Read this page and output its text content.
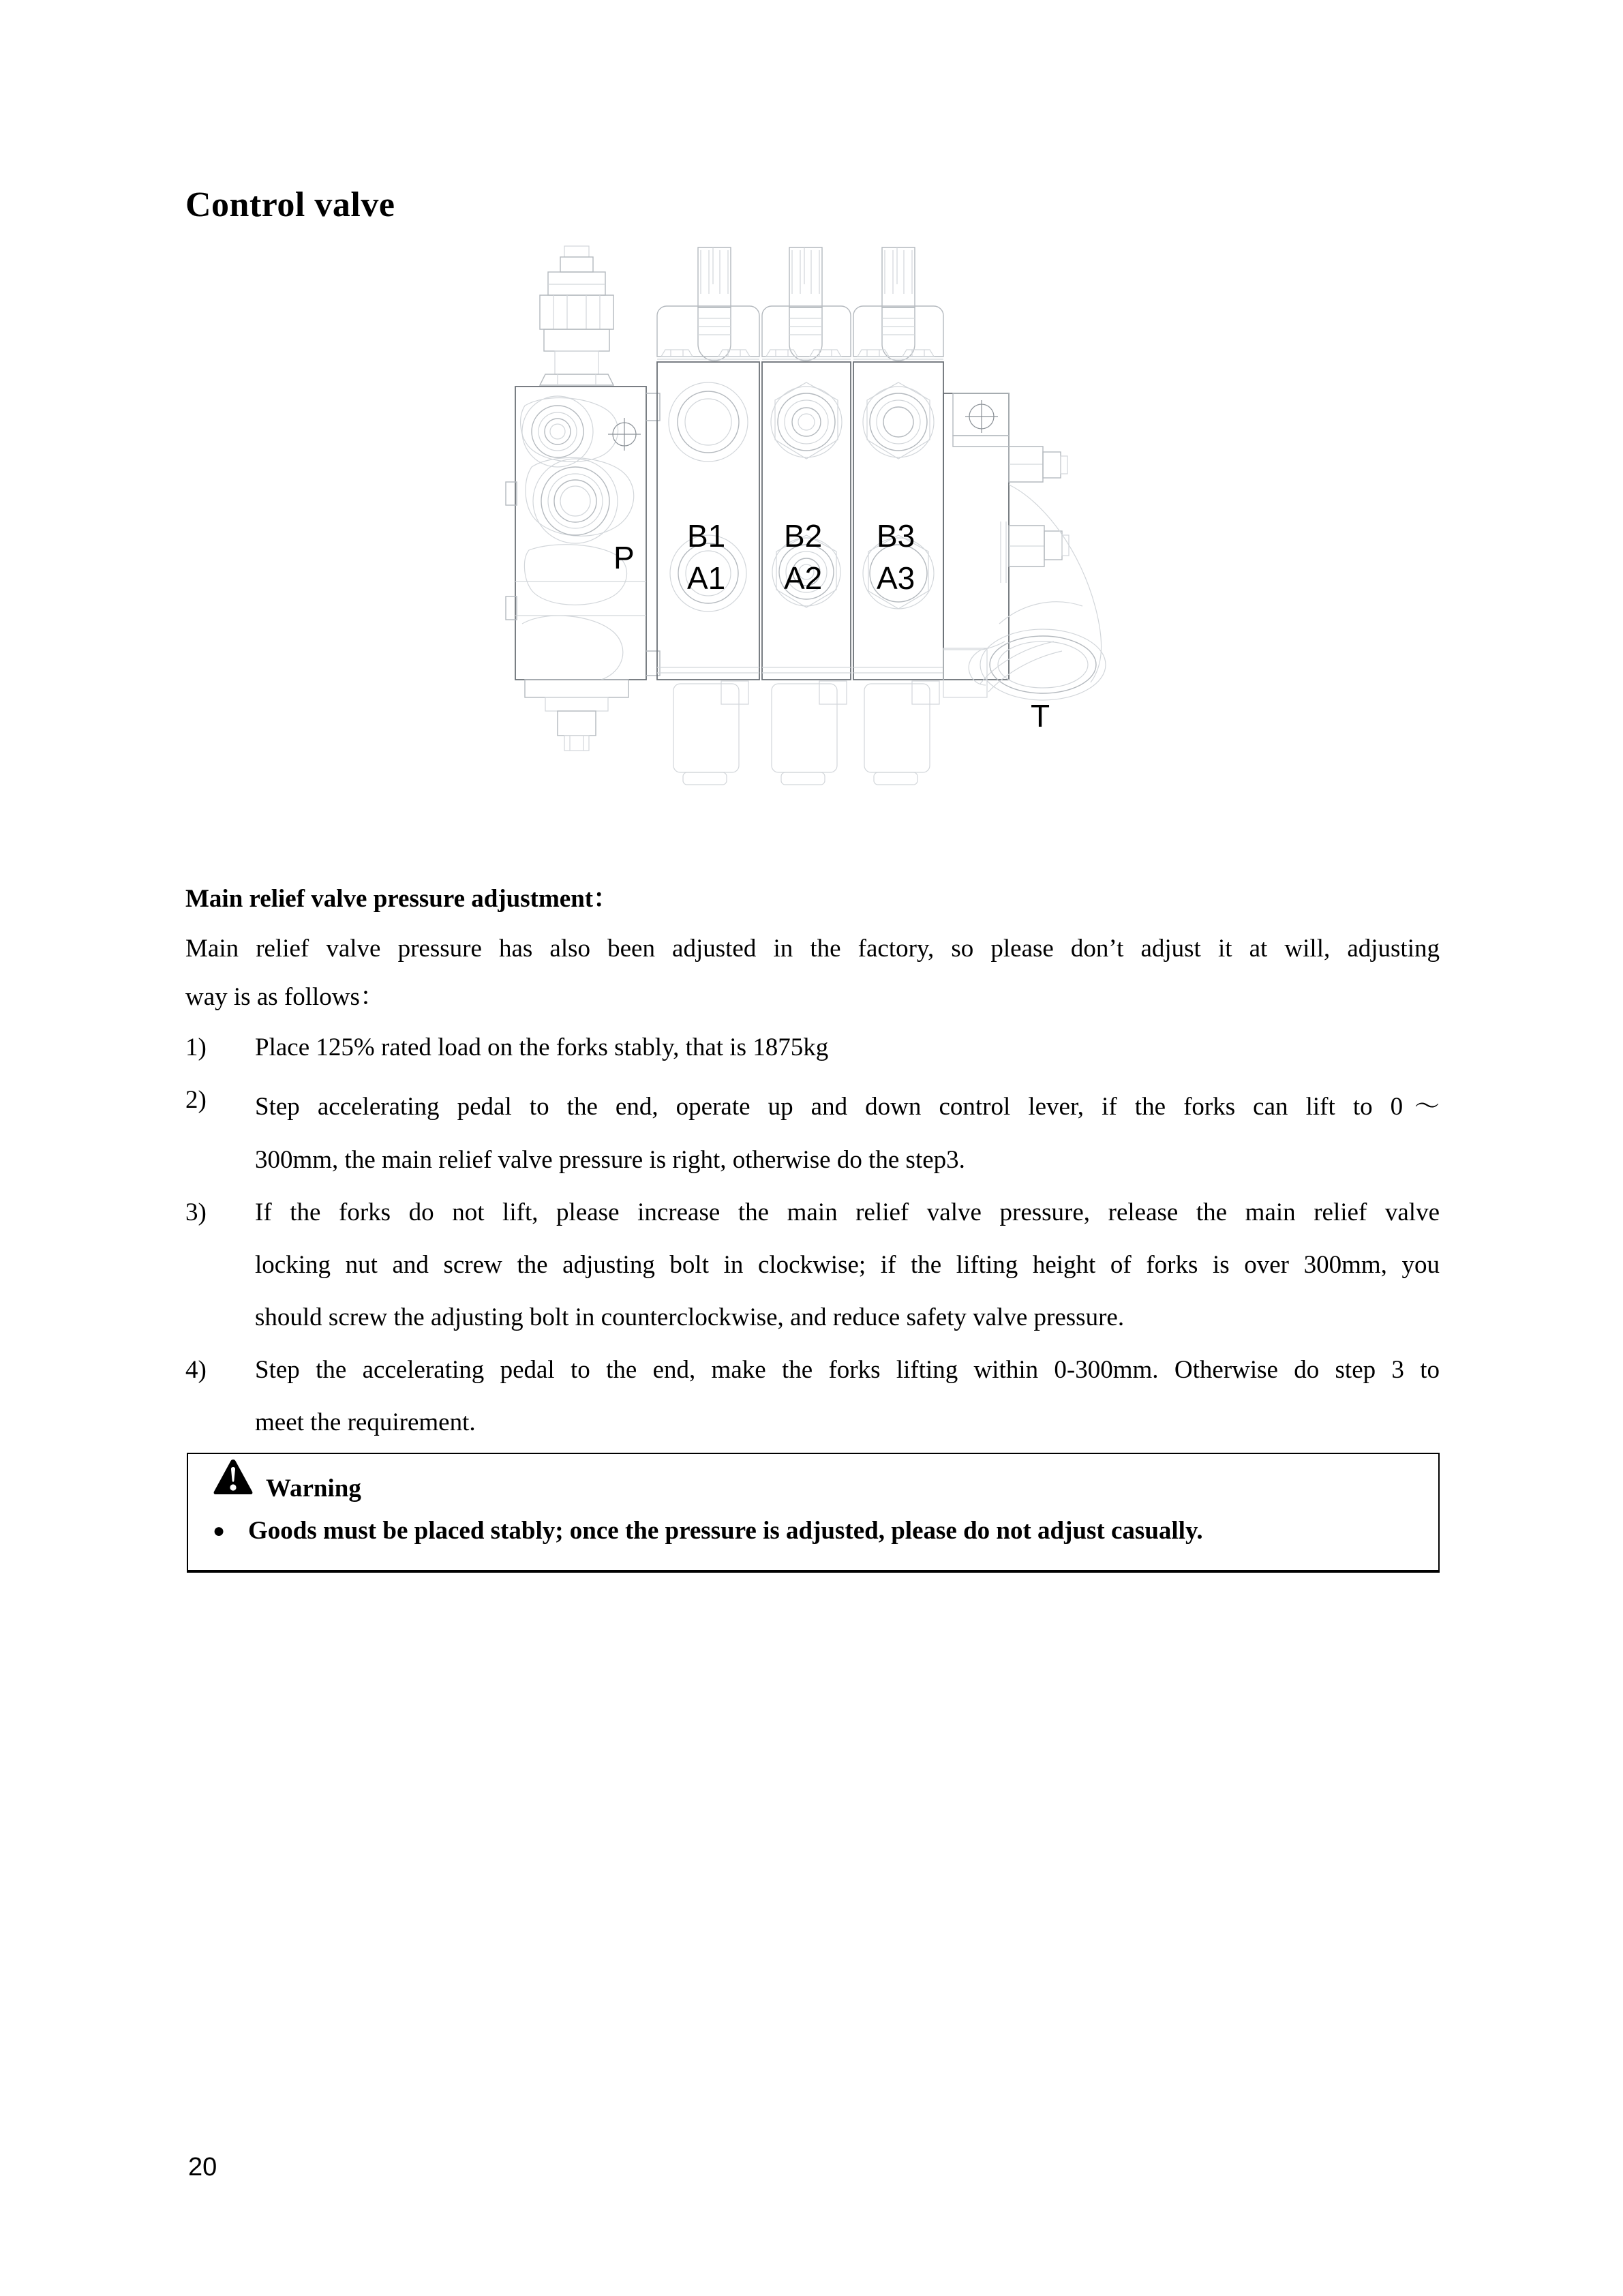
Control valve
P
B1
A1
B2
A2
B3
A3
T
Main relief valve pressure adjustment：
Main relief valve pressure has also been adjusted in the factory, so please don’t adjust it at will, adjusting
way is as follows：
1)	Place 125% rated load on the forks stably, that is 1875kg
2)	Step accelerating pedal to the end, operate up and down control lever, if the forks can lift to 0～
300mm, the main relief valve pressure is right, otherwise do the step3.
3)	If the forks do not lift, please increase the main relief valve pressure, release the main relief valve
locking nut and screw the adjusting bolt in clockwise; if the lifting height of forks is over 300mm, you
should screw the adjusting bolt in counterclockwise, and reduce safety valve pressure.
4)	Step the accelerating pedal to the end, make the forks lifting within 0-300mm. Otherwise do step 3 to
meet the requirement.
Warning
● Goods must be placed stably; once the pressure is adjusted, please do not adjust casually.
20
